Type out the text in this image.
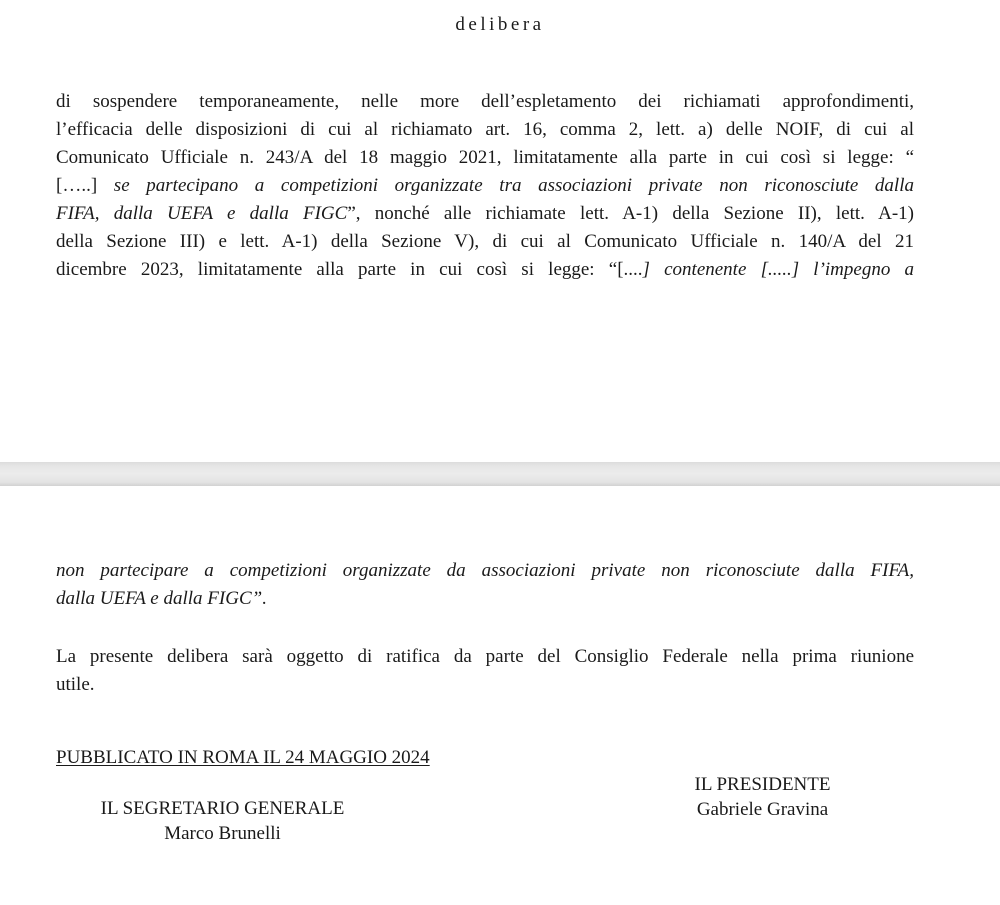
delibera
di sospendere temporaneamente, nelle more dell’espletamento dei richiamati approfondimenti,
l’efficacia delle disposizioni di cui al richiamato art. 16, comma 2, lett. a) delle NOIF, di cui al
Comunicato Ufficiale n. 243/A del 18 maggio 2021, limitatamente alla parte in cui così si legge: “
[…..] se partecipano a competizioni organizzate tra associazioni private non riconosciute dalla
FIFA, dalla UEFA e dalla FIGC”, nonché alle richiamate lett. A-1) della Sezione II), lett. A-1)
della Sezione III) e lett. A-1) della Sezione V), di cui al Comunicato Ufficiale n. 140/A del 21
dicembre 2023, limitatamente alla parte in cui così si legge: “[....] contenente [.....] l’impegno a
non partecipare a competizioni organizzate da associazioni private non riconosciute dalla FIFA,
dalla UEFA e dalla FIGC”.
La presente delibera sarà oggetto di ratifica da parte del Consiglio Federale nella prima riunione
utile.
PUBBLICATO IN ROMA IL 24 MAGGIO 2024
IL SEGRETARIO GENERALE
Marco Brunelli
IL PRESIDENTE
Gabriele Gravina
